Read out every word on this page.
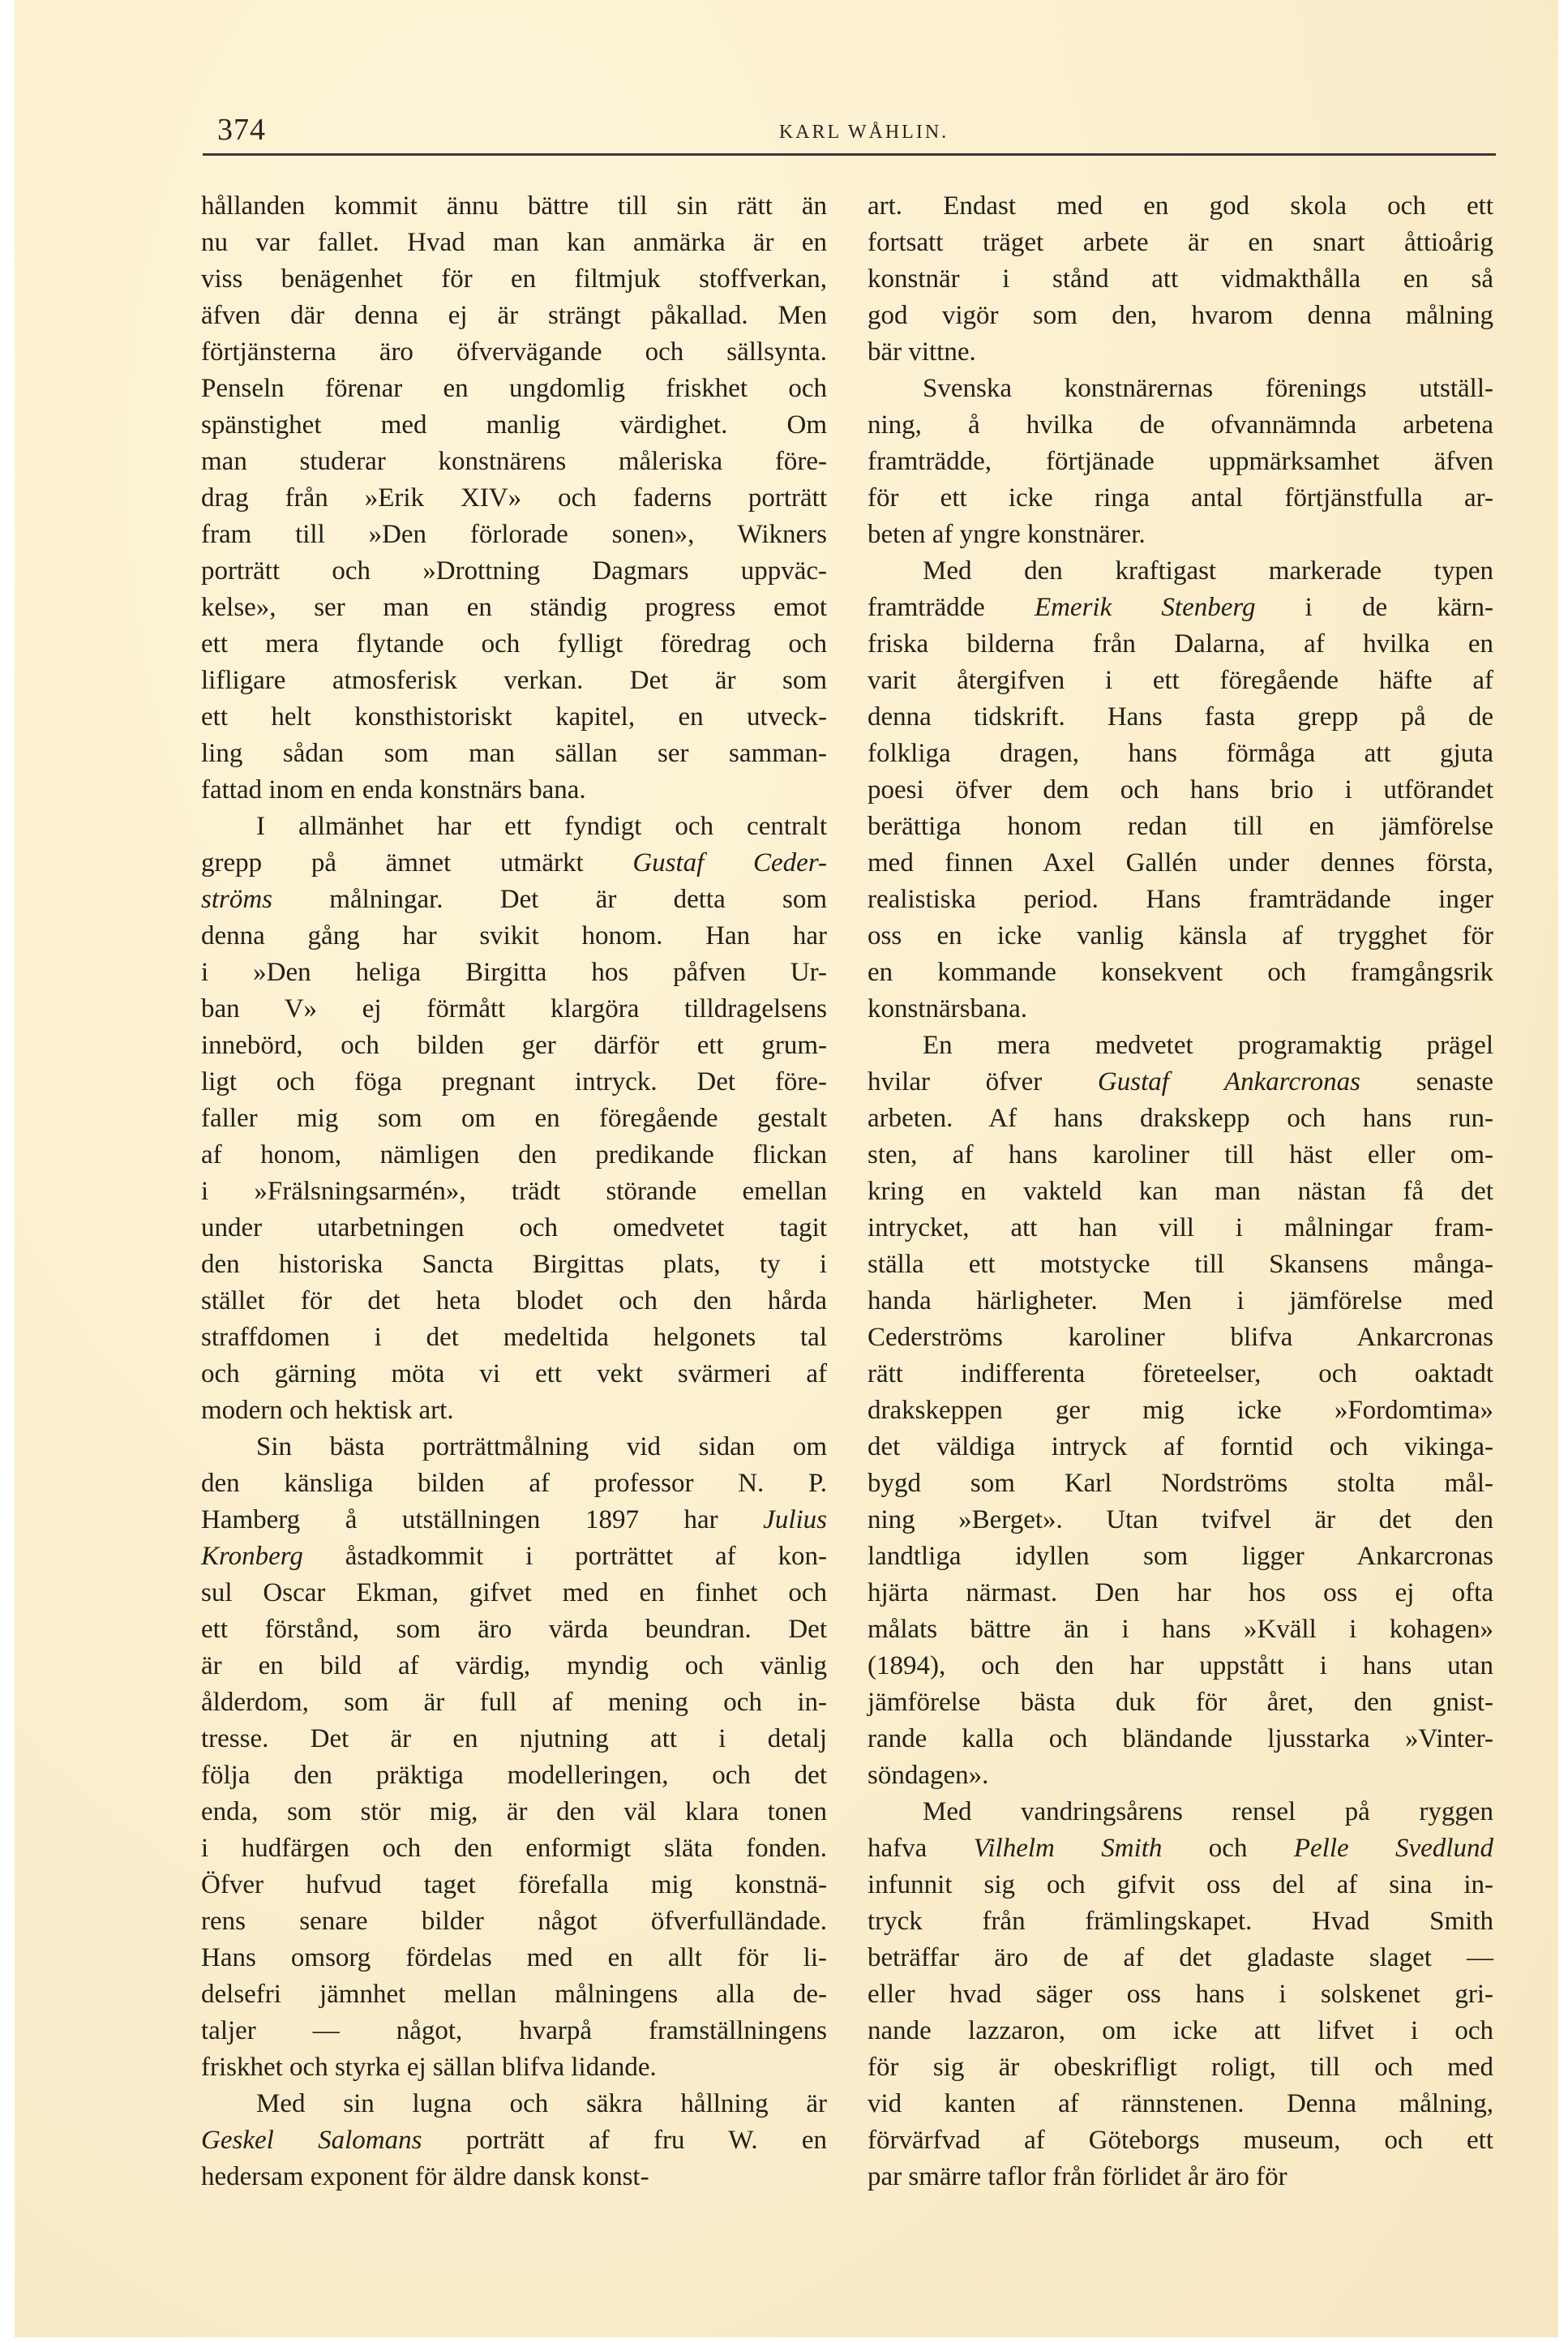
374	KARL WÅHLIN.

hållanden kommit ännu bättre till sin rätt än
nu var fallet. Hvad man kan anmärka är en
viss benägenhet för en filtmjuk stoffverkan,
äfven där denna ej är strängt påkallad. Men
förtjänsterna äro öfvervägande och sällsynta.
Penseln förenar en ungdomlig friskhet och
spänstighet med manlig värdighet. Om
man studerar konstnärens måleriska före-
drag från »Erik XIV» och faderns porträtt
fram till »Den förlorade sonen», Wikners
porträtt och »Drottning Dagmars uppväc-
kelse», ser man en ständig progress emot
ett mera flytande och fylligt föredrag och
lifligare atmosferisk verkan. Det är som
ett helt konsthistoriskt kapitel, en utveck-
ling sådan som man sällan ser samman-
fattad inom en enda konstnärs bana.

I allmänhet har ett fyndigt och centralt
grepp på ämnet utmärkt Gustaf Ceder-
ströms målningar. Det är detta som
denna gång har svikit honom. Han har
i »Den heliga Birgitta hos påfven Ur-
ban V» ej förmått klargöra tilldragelsens
innebörd, och bilden ger därför ett grum-
ligt och föga pregnant intryck. Det före-
faller mig som om en föregående gestalt
af honom, nämligen den predikande flickan
i »Frälsningsarmén», trädt störande emellan
under utarbetningen och omedvetet tagit
den historiska Sancta Birgittas plats, ty i
stället för det heta blodet och den hårda
straffdomen i det medeltida helgonets tal
och gärning möta vi ett vekt svärmeri af
modern och hektisk art.

Sin bästa porträttmålning vid sidan om
den känsliga bilden af professor N. P.
Hamberg å utställningen 1897 har Julius
Kronberg åstadkommit i porträttet af kon-
sul Oscar Ekman, gifvet med en finhet och
ett förstånd, som äro värda beundran. Det
är en bild af värdig, myndig och vänlig
ålderdom, som är full af mening och in-
tresse. Det är en njutning att i detalj
följa den präktiga modelleringen, och det
enda, som stör mig, är den väl klara tonen
i hudfärgen och den enformigt släta fonden.
Öfver hufvud taget förefalla mig konstnä-
rens senare bilder något öfverfulländade.
Hans omsorg fördelas med en allt för li-
delsefri jämnhet mellan målningens alla de-
taljer — något, hvarpå framställningens
friskhet och styrka ej sällan blifva lidande.

Med sin lugna och säkra hållning är
Geskel Salomans porträtt af fru W. en
hedersam exponent för äldre dansk konst-

art. Endast med en god skola och ett
fortsatt träget arbete är en snart åttioårig
konstnär i stånd att vidmakthålla en så
god vigör som den, hvarom denna målning
bär vittne.

Svenska konstnärernas förenings utställ-
ning, å hvilka de ofvannämnda arbetena
framträdde, förtjänade uppmärksamhet äfven
för ett icke ringa antal förtjänstfulla ar-
beten af yngre konstnärer.

Med den kraftigast markerade typen
framträdde Emerik Stenberg i de kärn-
friska bilderna från Dalarna, af hvilka en
varit återgifven i ett föregående häfte af
denna tidskrift. Hans fasta grepp på de
folkliga dragen, hans förmåga att gjuta
poesi öfver dem och hans brio i utförandet
berättiga honom redan till en jämförelse
med finnen Axel Gallén under dennes första,
realistiska period. Hans framträdande inger
oss en icke vanlig känsla af trygghet för
en kommande konsekvent och framgångsrik
konstnärsbana.

En mera medvetet programaktig prägel
hvilar öfver Gustaf Ankarcronas senaste
arbeten. Af hans drakskepp och hans run-
sten, af hans karoliner till häst eller om-
kring en vakteld kan man nästan få det
intrycket, att han vill i målningar fram-
ställa ett motstycke till Skansens många-
handa härligheter. Men i jämförelse med
Cederströms karoliner blifva Ankarcronas
rätt indifferenta företeelser, och oaktadt
drakskeppen ger mig icke »Fordomtima»
det väldiga intryck af forntid och vikinga-
bygd som Karl Nordströms stolta mål-
ning »Berget». Utan tvifvel är det den
landtliga idyllen som ligger Ankarcronas
hjärta närmast. Den har hos oss ej ofta
målats bättre än i hans »Kväll i kohagen»
(1894), och den har uppstått i hans utan
jämförelse bästa duk för året, den gnist-
rande kalla och bländande ljusstarka »Vinter-
söndagen».

Med vandringsårens rensel på ryggen
hafva Vilhelm Smith och Pelle Svedlund
infunnit sig och gifvit oss del af sina in-
tryck från främlingskapet. Hvad Smith
beträffar äro de af det gladaste slaget —
eller hvad säger oss hans i solskenet gri-
nande lazzaron, om icke att lifvet i och
för sig är obeskrifligt roligt, till och med
vid kanten af rännstenen. Denna målning,
förvärfvad af Göteborgs museum, och ett
par smärre taflor från förlidet år äro för
